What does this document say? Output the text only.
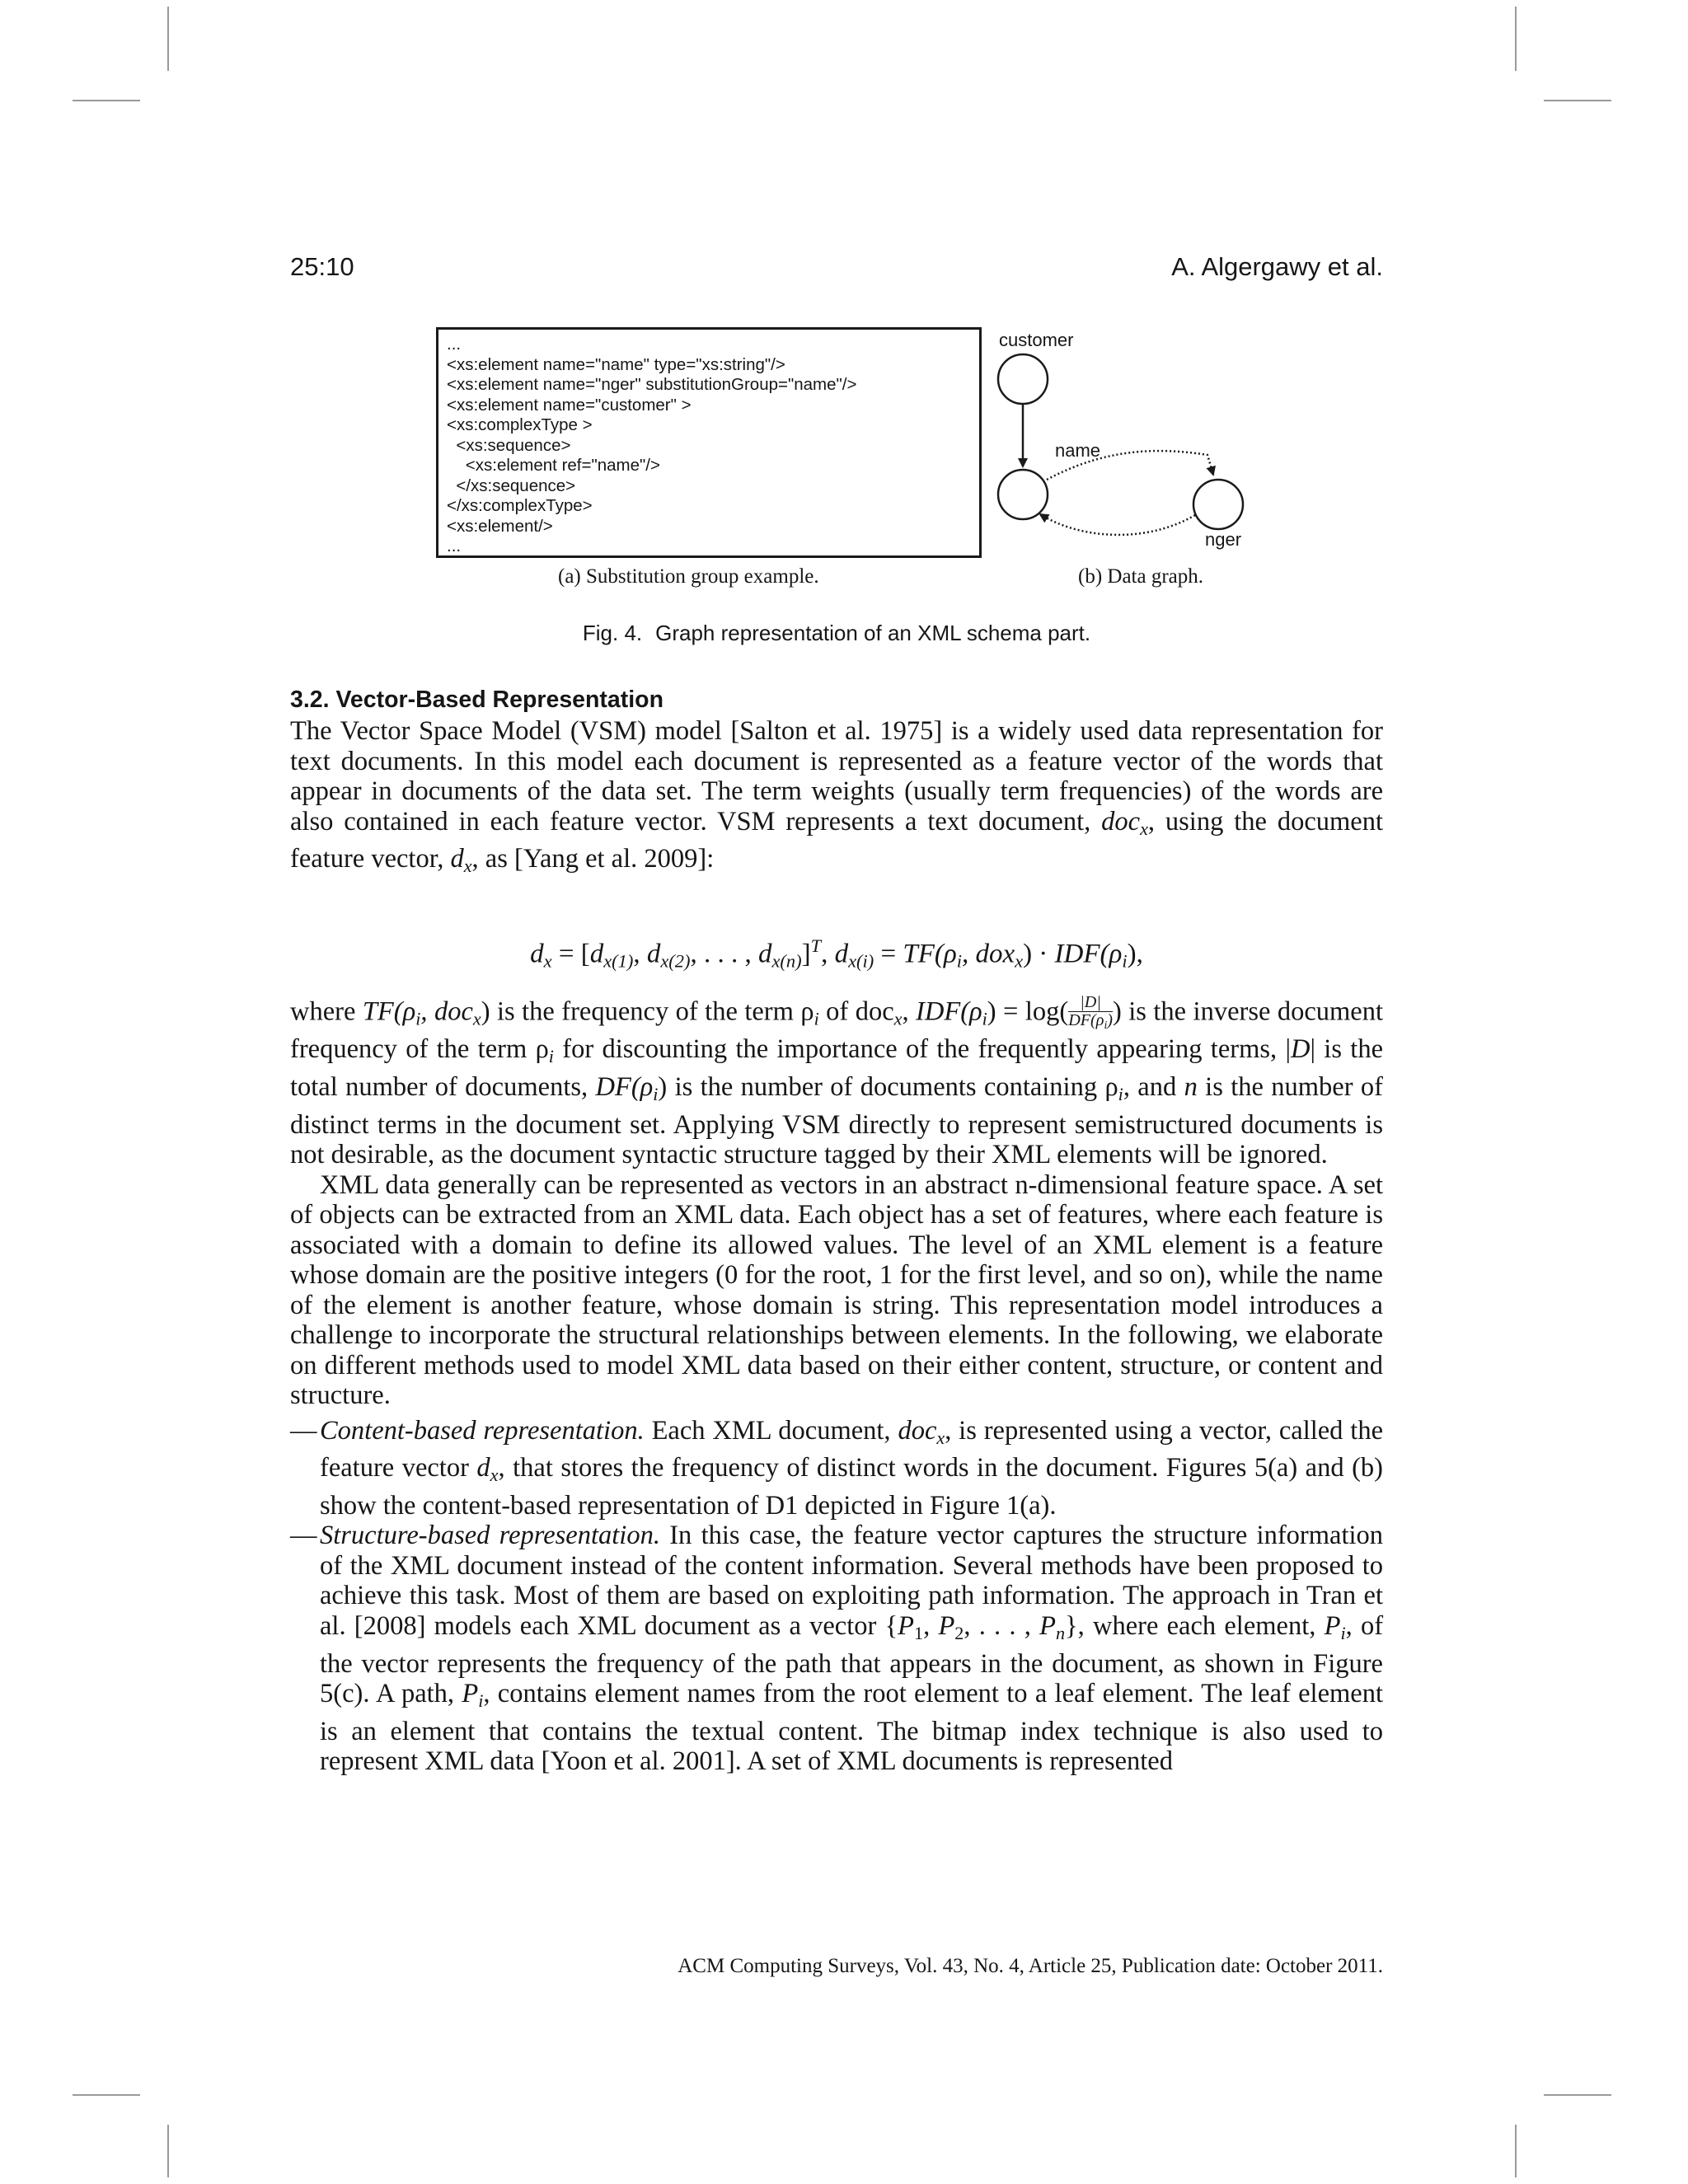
25:10	A. Algergawy et al.
...
<xs:element name="name" type="xs:string"/>
<xs:element name="nger" substitutionGroup="name"/>
<xs:element name="customer" >
<xs:complexType >
<xs:sequence>
<xs:element ref="name"/>
</xs:sequence>
</xs:complexType>
<xs:element/>
...
customer
name
nger
(a) Substitution group example.	(b) Data graph.
Fig. 4. Graph representation of an XML schema part.
3.2. Vector-Based Representation

The Vector Space Model (VSM) model [Salton et al. 1975] is a widely used data representation for text documents. In this model each document is represented as a feature vector of the words that appear in documents of the data set. The term weights (usually term frequencies) of the words are also contained in each feature vector. VSM represents a text document, doc$_x$, using the document feature vector, $d_x$, as [Yang et al. 2009]:

$d_x = [d_{x(1)}$, $d_{x(2)}$, . . . , $d_{x(n)}]^T$, $d_{x(i)} = TF(\rho_i$, $dox_x) \cdot IDF(\rho_i)$,

where $TF(\rho_i$, doc$_x$) is the frequency of the term $\rho_i$ of doc$_x$, $IDF(\rho_i) = \log( \frac{|D|}{DF(\rho_i)}$ ) is the inverse document frequency of the term $\rho_i$ for discounting the importance of the frequently appearing terms, |D| is the total number of documents, $DF(\rho_i)$ is the number of documents containing $\rho_i$, and n is the number of distinct terms in the document set. Applying VSM directly to represent semistructured documents is not desirable, as the document syntactic structure tagged by their XML elements will be ignored.

XML data generally can be represented as vectors in an abstract n-dimensional feature space. A set of objects can be extracted from an XML data. Each object has a set of features, where each feature is associated with a domain to define its allowed values. The level of an XML element is a feature whose domain are the positive integers (0 for the root, 1 for the first level, and so on), while the name of the element is another feature, whose domain is string. This representation model introduces a challenge to incorporate the structural relationships between elements. In the following, we elaborate on different methods used to model XML data based on their either content, structure, or content and structure.

— Content-based representation. Each XML document, doc$_x$, is represented using a vector, called the feature vector $d_x$, that stores the frequency of distinct words in the document. Figures 5(a) and (b) show the content-based representation of D1 depicted in Figure 1(a).

— Structure-based representation. In this case, the feature vector captures the structure information of the XML document instead of the content information. Several methods have been proposed to achieve this task. Most of them are based on exploiting path information. The approach in Tran et al. [2008] models each XML document as a vector {$P_1$, $P_2$, . . . , $P_n$}, where each element, $P_i$, of the vector represents the frequency of the path that appears in the document, as shown in Figure 5(c). A path, $P_i$, contains element names from the root element to a leaf element. The leaf element is an element that contains the textual content. The bitmap index technique is also used to represent XML data [Yoon et al. 2001]. A set of XML documents is represented

ACM Computing Surveys, Vol. 43, No. 4, Article 25, Publication date: October 2011.
